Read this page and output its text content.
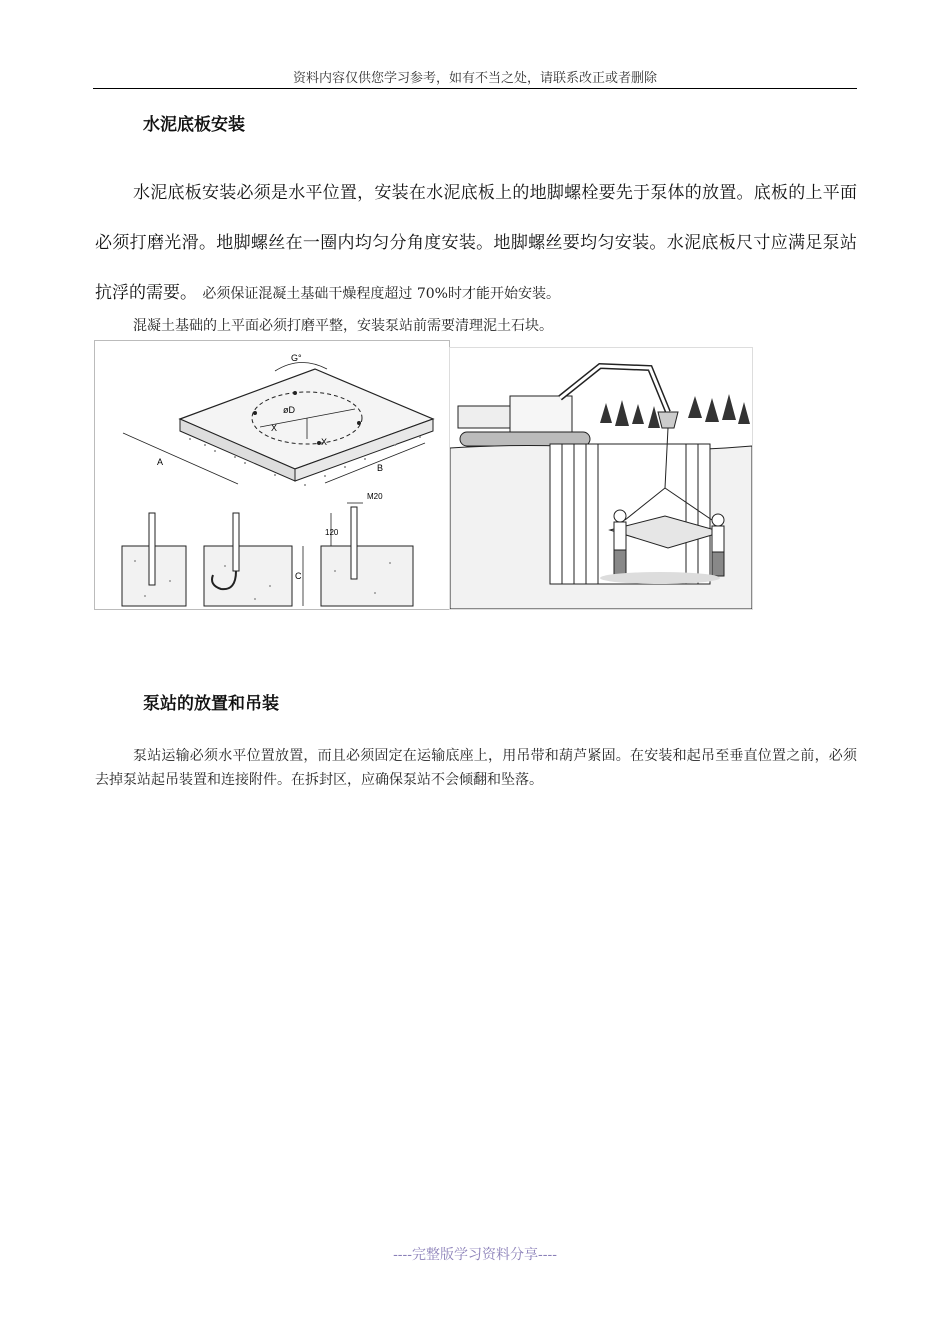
资料内容仅供您学习参考，如有不当之处，请联系改正或者删除
水泥底板安装
水泥底板安装必须是水平位置，安装在水泥底板上的地脚螺栓要先于泵体的放置。底板的上平面必须打磨光滑。地脚螺丝在一圈内均匀分角度安装。地脚螺丝要均匀安装。水泥底板尺寸应满足泵站抗浮的需要。 必须保证混凝土基础干燥程度超过 70%时才能开始安装。
混凝土基础的上平面必须打磨平整，安装泵站前需要清理泥土石块。
G°
øD
X
X
A
B
C
120
M20
泵站的放置和吊装
泵站运输必须水平位置放置，而且必须固定在运输底座上，用吊带和葫芦紧固。在安装和起吊至垂直位置之前，必须去掉泵站起吊装置和连接附件。在拆封区，应确保泵站不会倾翻和坠落。
----完整版学习资料分享----
